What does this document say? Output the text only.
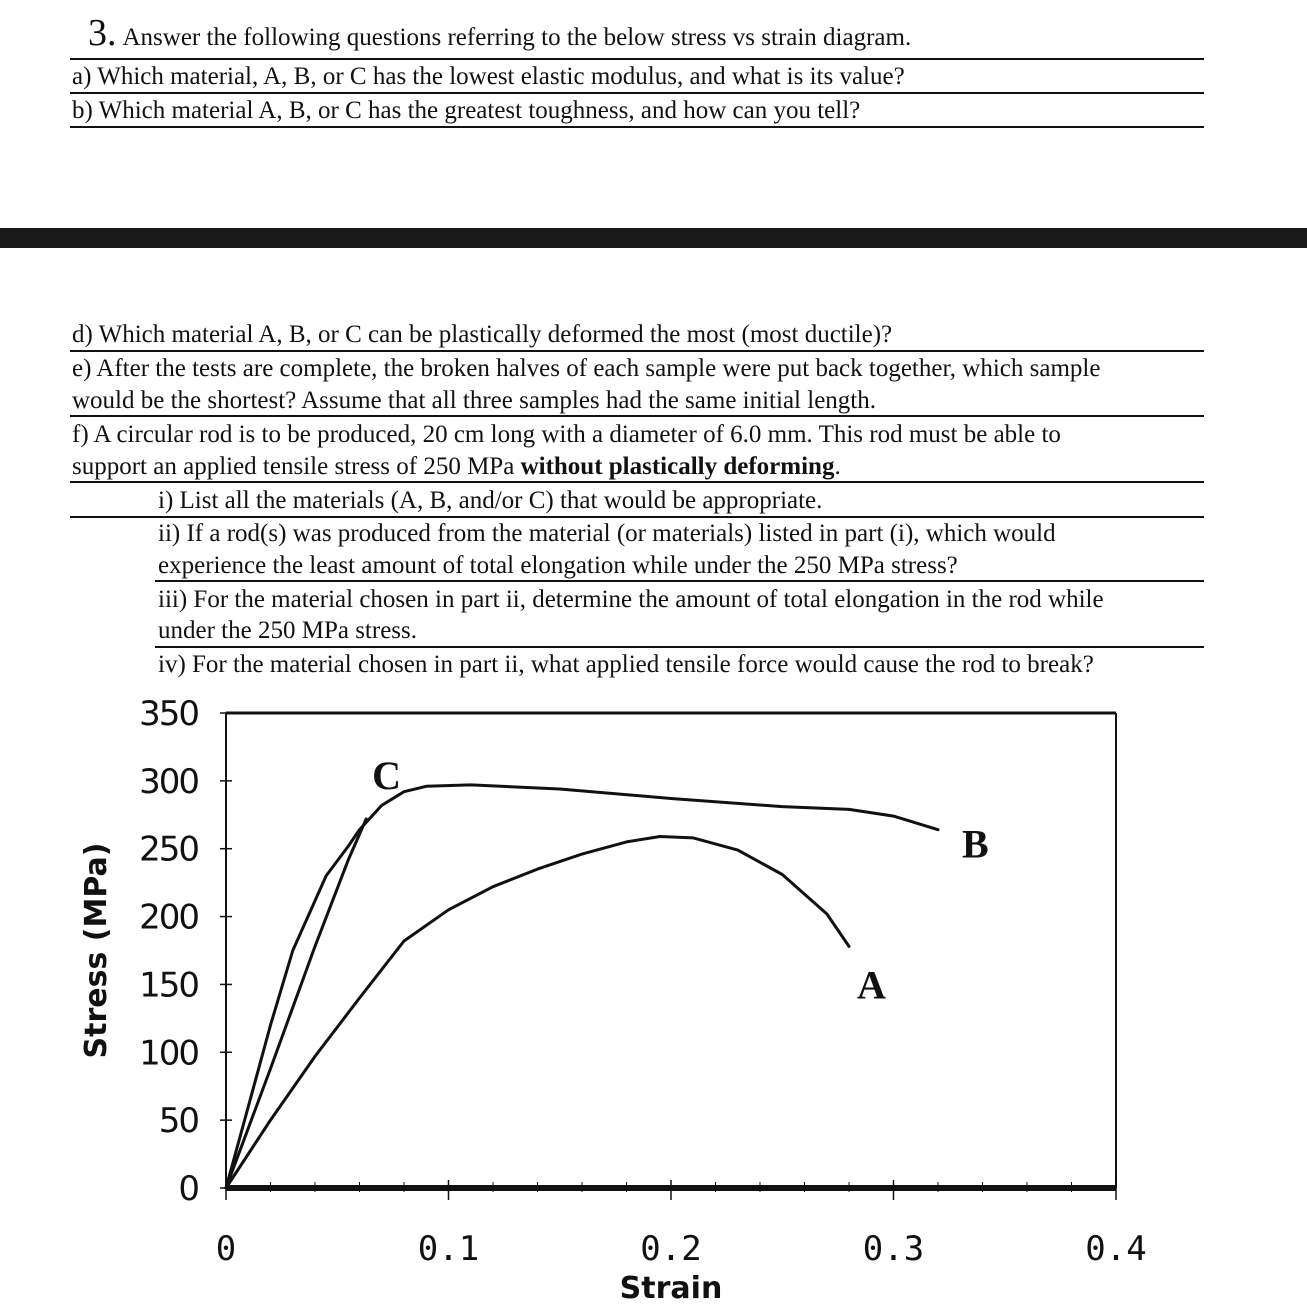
3. Answer the following questions referring to the below stress vs strain diagram.
a) Which material, A, B, or C has the lowest elastic modulus, and what is its value?
b) Which material A, B, or C has the greatest toughness, and how can you tell?
d) Which material A, B, or C can be plastically deformed the most (most ductile)?
e) After the tests are complete, the broken halves of each sample were put back together, which sample
would be the shortest? Assume that all three samples had the same initial length.
f) A circular rod is to be produced, 20 cm long with a diameter of 6.0 mm. This rod must be able to
support an applied tensile stress of 250 MPa without plastically deforming.
i) List all the materials (A, B, and/or C) that would be appropriate.
ii) If a rod(s) was produced from the material (or materials) listed in part (i), which would
experience the least amount of total elongation while under the 250 MPa stress?
iii) For the material chosen in part ii, determine the amount of total elongation in the rod while
under the 250 MPa stress.
iv) For the material chosen in part ii, what applied tensile force would cause the rod to break?
0
50
100
150
200
250
300
350
0	0.1	0.2	0.3	0.4
Stress (MPa)
Strain
A
B
C
